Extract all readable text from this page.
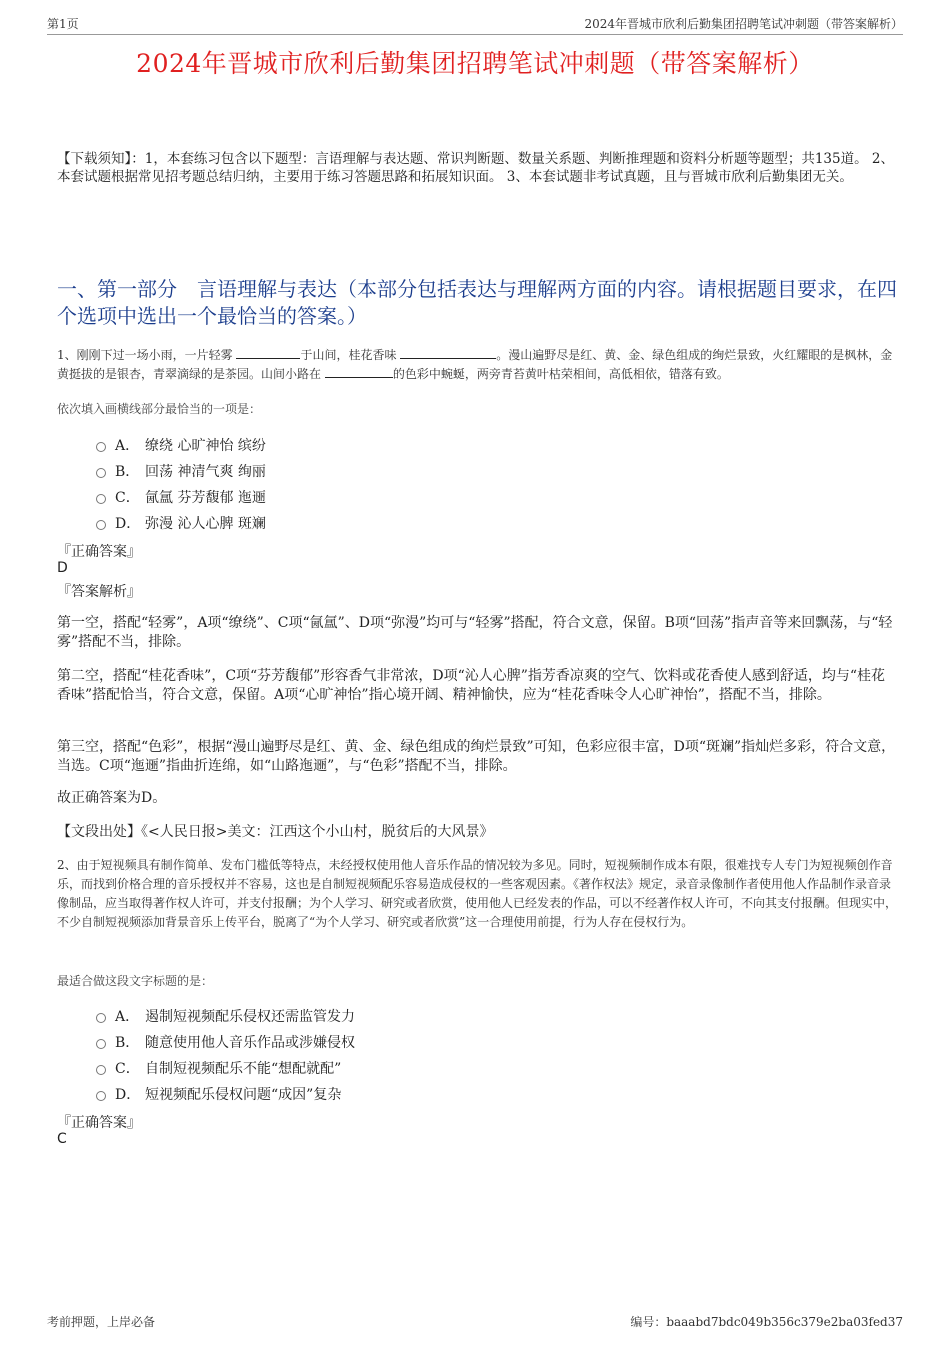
第1页	2024年晋城市欣利后勤集团招聘笔试冲刺题（带答案解析）
2024年晋城市欣利后勤集团招聘笔试冲刺题（带答案解析）
【下载须知】：1，本套练习包含以下题型：言语理解与表达题、常识判断题、数量关系题、判断推理题和资料分析题等题型；共135道。 2、本套试题根据常见招考题总结归纳，主要用于练习答题思路和拓展知识面。 3、本套试题非考试真题，且与晋城市欣利后勤集团无关。
一、第一部分　言语理解与表达（本部分包括表达与理解两方面的内容。请根据题目要求，在四个选项中选出一个最恰当的答案。）
1、刚刚下过一场小雨，一片轻雾	于山间，桂花香味	。漫山遍野尽是红、黄、金、绿色组成的绚烂景致，火红耀眼的是枫林，金黄挺拔的是银杏，青翠滴绿的是茶园。山间小路在	的色彩中蜿蜒，两旁青苔黄叶枯荣相间，高低相依，错落有致。
依次填入画横线部分最恰当的一项是：
A． 缭绕 心旷神怡 缤纷
B． 回荡 神清气爽 绚丽
C． 氤氲 芬芳馥郁 迤逦
D． 弥漫 沁人心脾 斑斓
『正确答案』
D
『答案解析』
第一空，搭配“轻雾”，A项“缭绕”、C项“氤氲”、D项“弥漫”均可与“轻雾”搭配，符合文意，保留。B项“回荡”指声音等来回飘荡，与“轻雾”搭配不当，排除。
第二空，搭配“桂花香味”，C项“芬芳馥郁”形容香气非常浓，D项“沁人心脾”指芳香凉爽的空气、饮料或花香使人感到舒适，均与“桂花香味”搭配恰当，符合文意，保留。A项“心旷神怡”指心境开阔、精神愉快，应为“桂花香味令人心旷神怡”，搭配不当，排除。
第三空，搭配“色彩”，根据“漫山遍野尽是红、黄、金、绿色组成的绚烂景致”可知，色彩应很丰富，D项“斑斓”指灿烂多彩，符合文意，当选。C项“迤逦”指曲折连绵，如“山路迤逦”，与“色彩”搭配不当，排除。
故正确答案为D。
【文段出处】《<人民日报>美文：江西这个小山村，脱贫后的大风景》
2、由于短视频具有制作简单、发布门槛低等特点，未经授权使用他人音乐作品的情况较为多见。同时，短视频制作成本有限，很难找专人专门为短视频创作音乐，而找到价格合理的音乐授权并不容易，这也是自制短视频配乐容易造成侵权的一些客观因素。《著作权法》规定，录音录像制作者使用他人作品制作录音录像制品，应当取得著作权人许可，并支付报酬；为个人学习、研究或者欣赏，使用他人已经发表的作品，可以不经著作权人许可，不向其支付报酬。但现实中，不少自制短视频添加背景音乐上传平台，脱离了“为个人学习、研究或者欣赏”这一合理使用前提，行为人存在侵权行为。
最适合做这段文字标题的是：
A． 遏制短视频配乐侵权还需监管发力
B． 随意使用他人音乐作品或涉嫌侵权
C． 自制短视频配乐不能“想配就配”
D． 短视频配乐侵权问题“成因”复杂
『正确答案』
C
考前押题，上岸必备	编号：baaabd7bdc049b356c379e2ba03fed37
